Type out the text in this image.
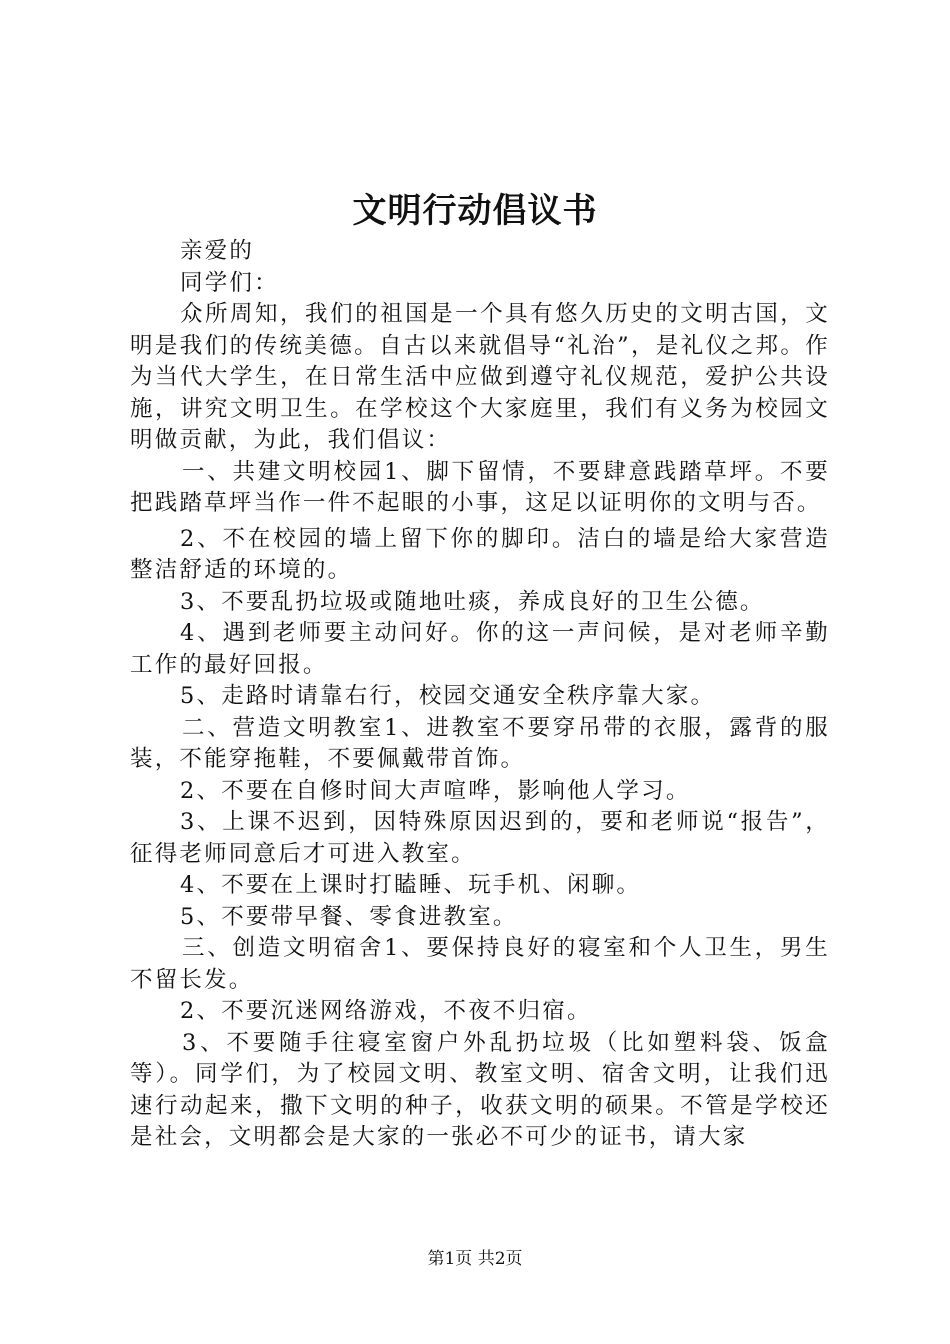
文明行动倡议书

亲爱的

同学们：

众所周知，我们的祖国是一个具有悠久历史的文明古国，文明是我们的传统美德。自古以来就倡导“礼治”，是礼仪之邦。作为当代大学生，在日常生活中应做到遵守礼仪规范，爱护公共设施，讲究文明卫生。在学校这个大家庭里，我们有义务为校园文明做贡献，为此，我们倡议：

一、共建文明校园1、脚下留情，不要肆意践踏草坪。不要把践踏草坪当作一件不起眼的小事，这足以证明你的文明与否。

2、不在校园的墙上留下你的脚印。洁白的墙是给大家营造整洁舒适的环境的。

3、不要乱扔垃圾或随地吐痰，养成良好的卫生公德。

4、遇到老师要主动问好。你的这一声问候，是对老师辛勤工作的最好回报。

5、走路时请靠右行，校园交通安全秩序靠大家。

二、营造文明教室1、进教室不要穿吊带的衣服，露背的服装，不能穿拖鞋，不要佩戴带首饰。

2、不要在自修时间大声喧哗，影响他人学习。

3、上课不迟到，因特殊原因迟到的，要和老师说“报告”，征得老师同意后才可进入教室。

4、不要在上课时打瞌睡、玩手机、闲聊。

5、不要带早餐、零食进教室。

三、创造文明宿舍1、要保持良好的寝室和个人卫生，男生不留长发。

2、不要沉迷网络游戏，不夜不归宿。

3、不要随手往寝室窗户外乱扔垃圾（比如塑料袋、饭盒等）。同学们，为了校园文明、教室文明、宿舍文明，让我们迅速行动起来，撒下文明的种子，收获文明的硕果。不管是学校还是社会，文明都会是大家的一张必不可少的证书，请大家

第1页 共2页
